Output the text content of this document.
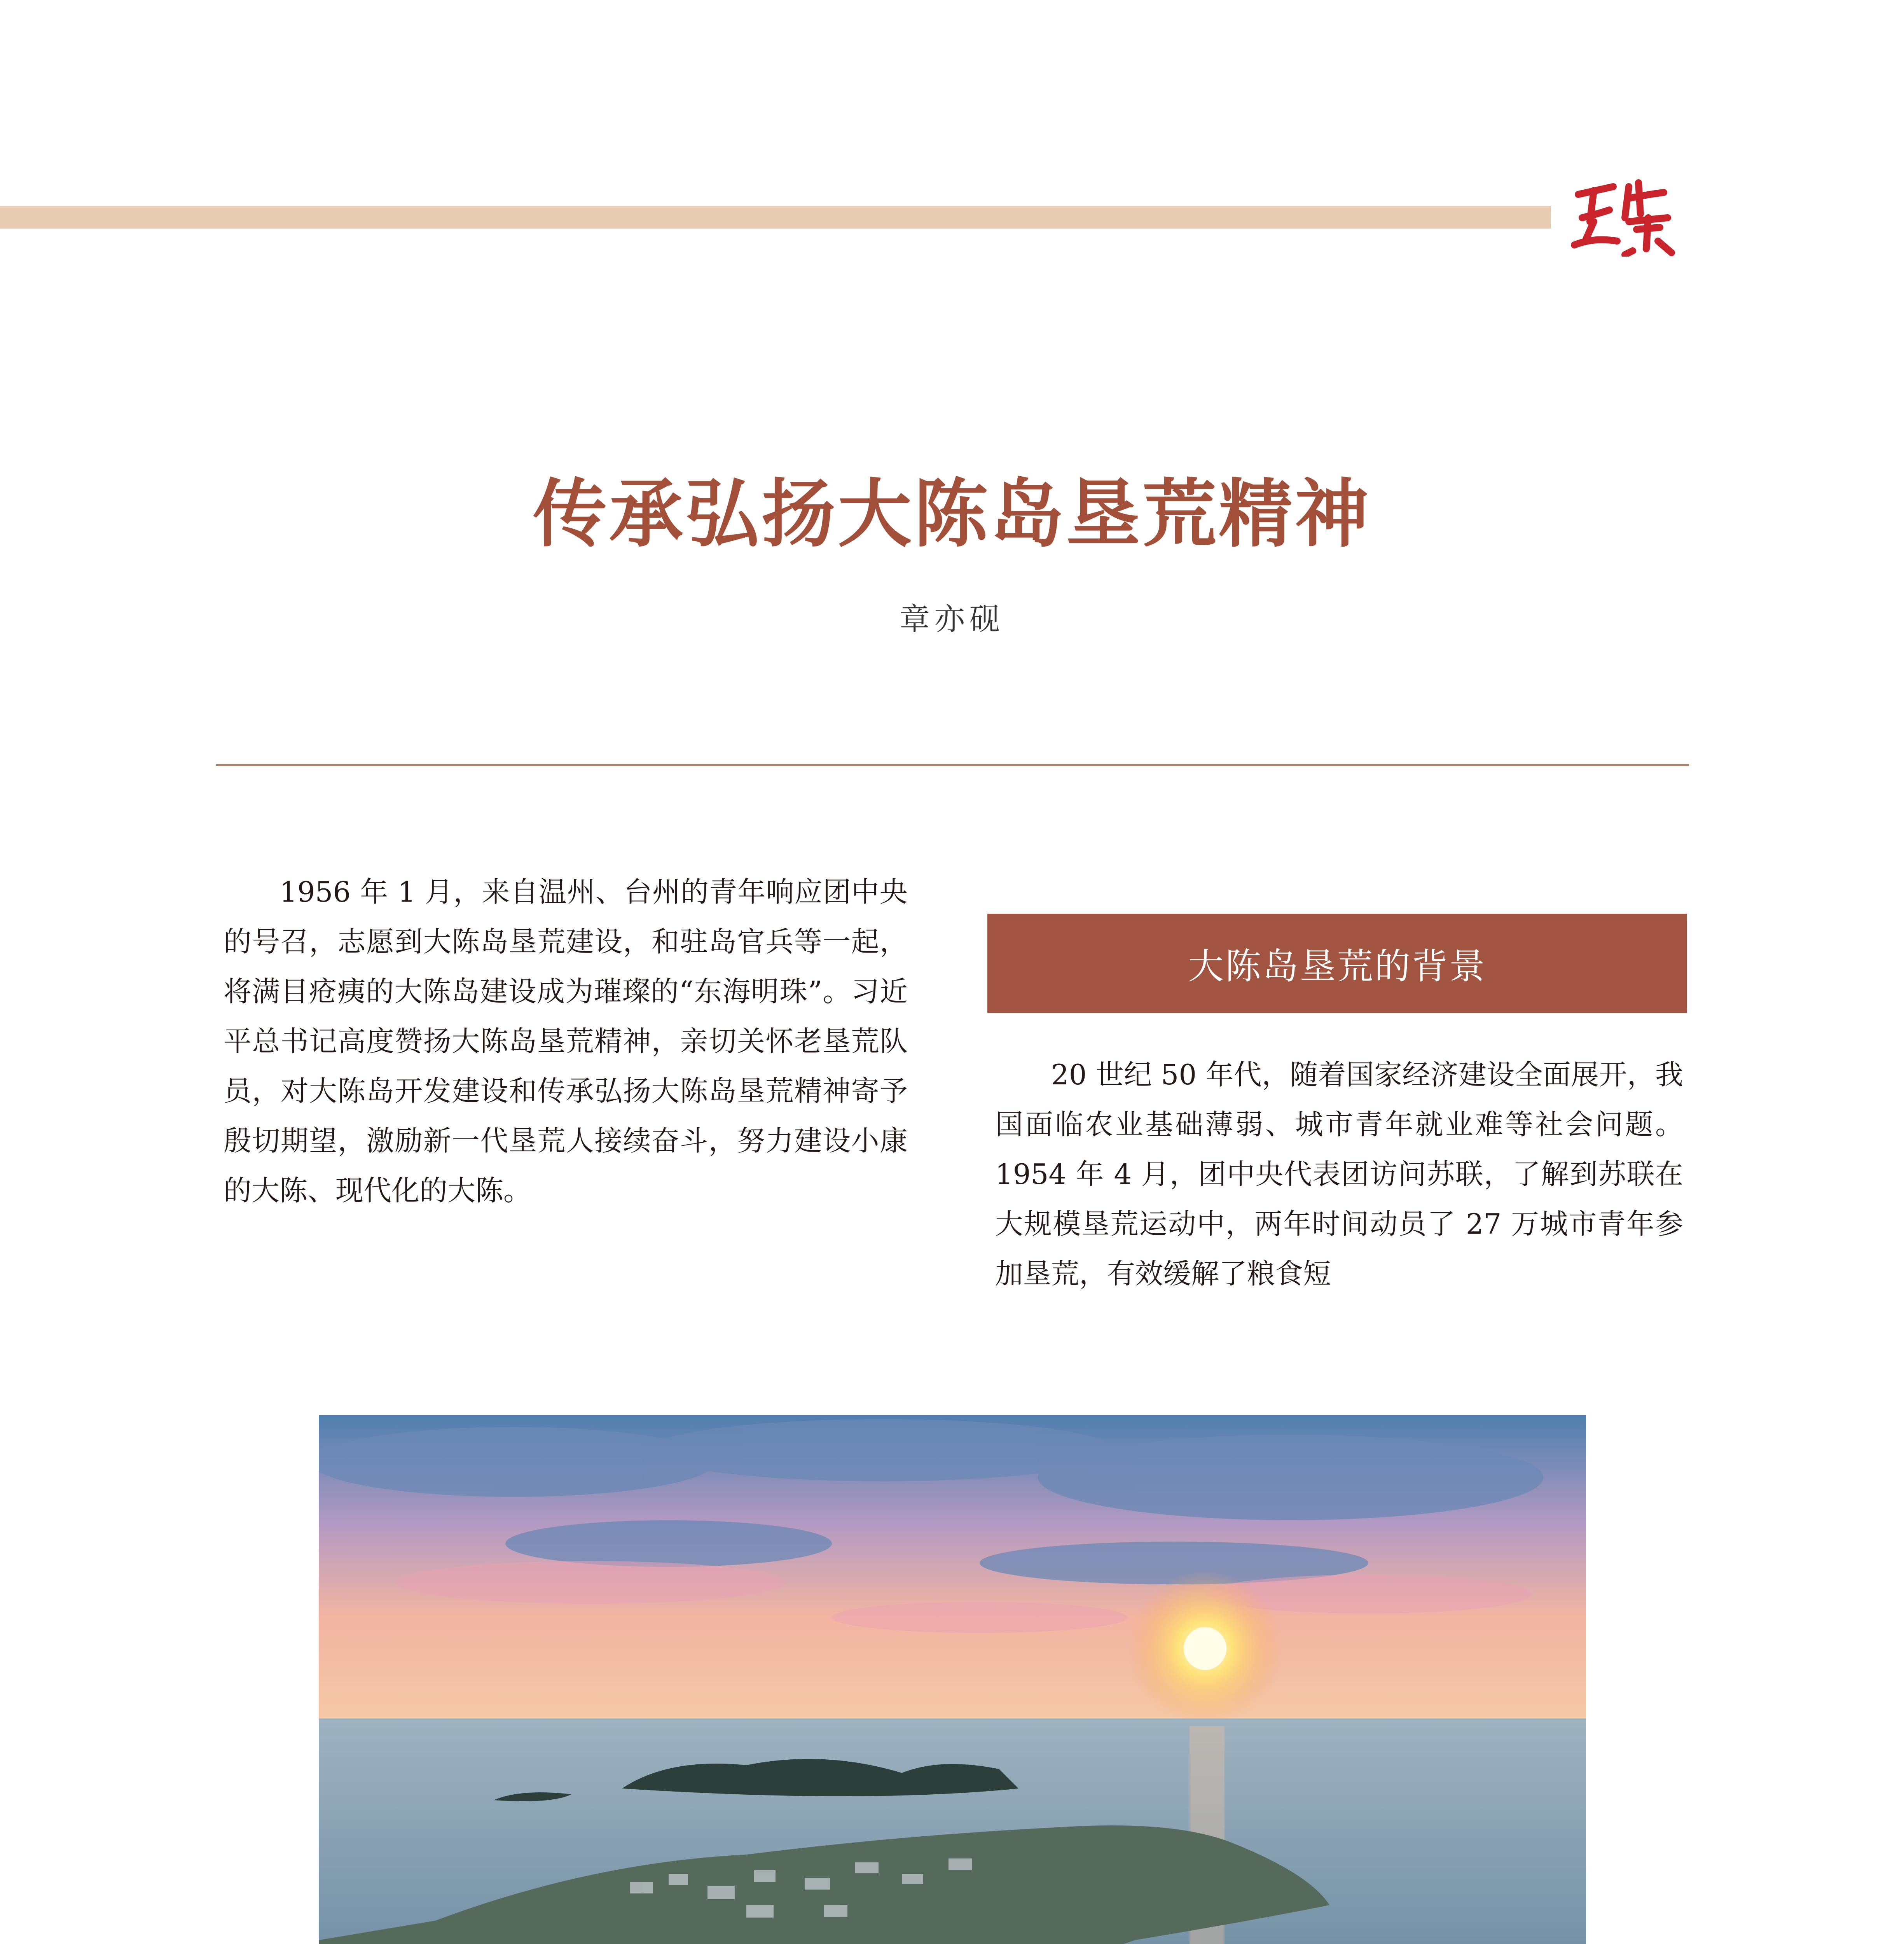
传承弘扬大陈岛垦荒精神
章亦砚

1956 年 1 月，来自温州、台州的青年响应团中央的号召，志愿到大陈岛垦荒建设，和驻岛官兵等一起，将满目疮痍的大陈岛建设成为璀璨的“东海明珠”。习近平总书记高度赞扬大陈岛垦荒精神，亲切关怀老垦荒队员，对大陈岛开发建设和传承弘扬大陈岛垦荒精神寄予殷切期望，激励新一代垦荒人接续奋斗，努力建设小康的大陈、现代化的大陈。

大陈岛垦荒的背景

20 世纪 50 年代，随着国家经济建设全面展开，我国面临农业基础薄弱、城市青年就业难等社会问题。1954 年 4 月，团中央代表团访问苏联，了解到苏联在大规模垦荒运动中，两年时间动员了 27 万城市青年参加垦荒，有效缓解了粮食短
